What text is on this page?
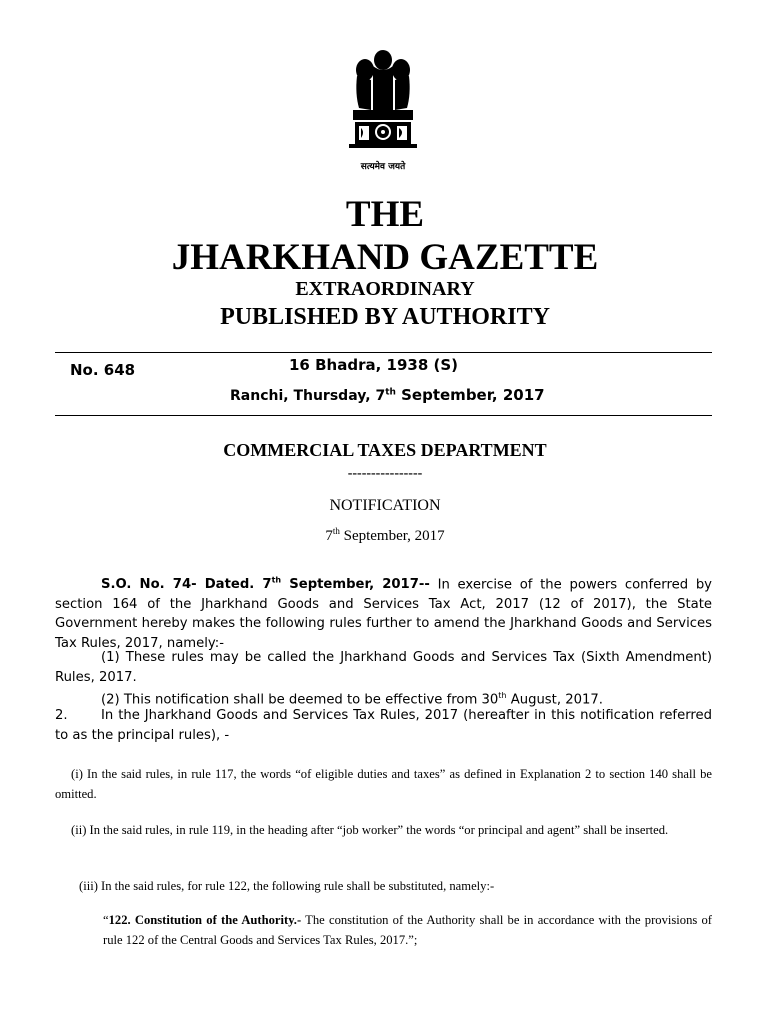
सत्यमेव जयते
THE
JHARKHAND GAZETTE
EXTRAORDINARY
PUBLISHED BY AUTHORITY
No. 648	16 Bhadra, 1938 (S)
Ranchi, Thursday, 7th September, 2017
COMMERCIAL TAXES DEPARTMENT
----------------
NOTIFICATION
7th September, 2017
S.O. No. 74- Dated. 7th September, 2017-- In exercise of the powers conferred by section 164 of the Jharkhand Goods and Services Tax Act, 2017 (12 of 2017), the State Government hereby makes the following rules further to amend the Jharkhand Goods and Services Tax Rules, 2017, namely:-
(1) These rules may be called the Jharkhand Goods and Services Tax (Sixth Amendment) Rules, 2017.
(2) This notification shall be deemed to be effective from 30th August, 2017.
2.	In the Jharkhand Goods and Services Tax Rules, 2017 (hereafter in this notification referred to as the principal rules), -
(i) In the said rules, in rule 117, the words “of eligible duties and taxes” as defined in Explanation 2 to section 140 shall be omitted.
(ii) In the said rules, in rule 119, in the heading after “job worker” the words “or principal and agent” shall be inserted.
(iii) In the said rules, for rule 122, the following rule shall be substituted, namely:-
“122. Constitution of the Authority.- The constitution of the Authority shall be in accordance with the provisions of rule 122 of the Central Goods and Services Tax Rules, 2017.”;
